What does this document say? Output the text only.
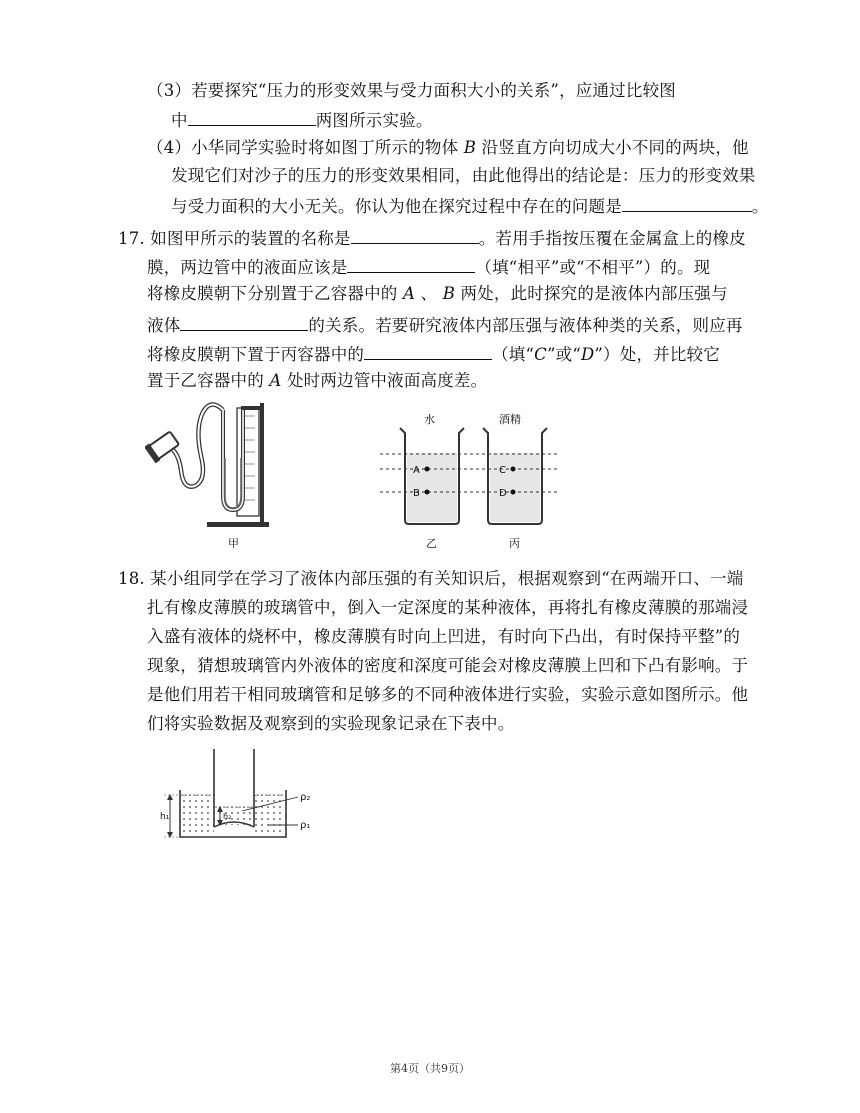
（3）若要探究“压力的形变效果与受力面积大小的关系”，应通过比较图
中	两图所示实验。
（4）小华同学实验时将如图丁所示的物体 B 沿竖直方向切成大小不同的两块，他
发现它们对沙子的压力的形变效果相同，由此他得出的结论是：压力的形变效果
与受力面积的大小无关。你认为他在探究过程中存在的问题是	。
17. 如图甲所示的装置的名称是	。若用手指按压覆在金属盒上的橡皮
膜，两边管中的液面应该是	（填“相平”或“不相平”）的。现
将橡皮膜朝下分别置于乙容器中的 A 、 B 两处，此时探究的是液体内部压强与
液体	的关系。若要研究液体内部压强与液体种类的关系，则应再
将橡皮膜朝下置于丙容器中的	（填“C”或“D”）处，并比较它
置于乙容器中的 A 处时两边管中液面高度差。
甲
A
B
C
D
水	酒精
乙	丙
18. 某小组同学在学习了液体内部压强的有关知识后，根据观察到“在两端开口、一端
扎有橡皮薄膜的玻璃管中，倒入一定深度的某种液体，再将扎有橡皮薄膜的那端浸
入盛有液体的烧杯中，橡皮薄膜有时向上凹进，有时向下凸出，有时保持平整”的
现象，猜想玻璃管内外液体的密度和深度可能会对橡皮薄膜上凹和下凸有影响。于
是他们用若干相同玻璃管和足够多的不同种液体进行实验，实验示意如图所示。他
们将实验数据及观察到的实验现象记录在下表中。
h₁	h₂
ρ₂
ρ₁
第4页（共9页）
